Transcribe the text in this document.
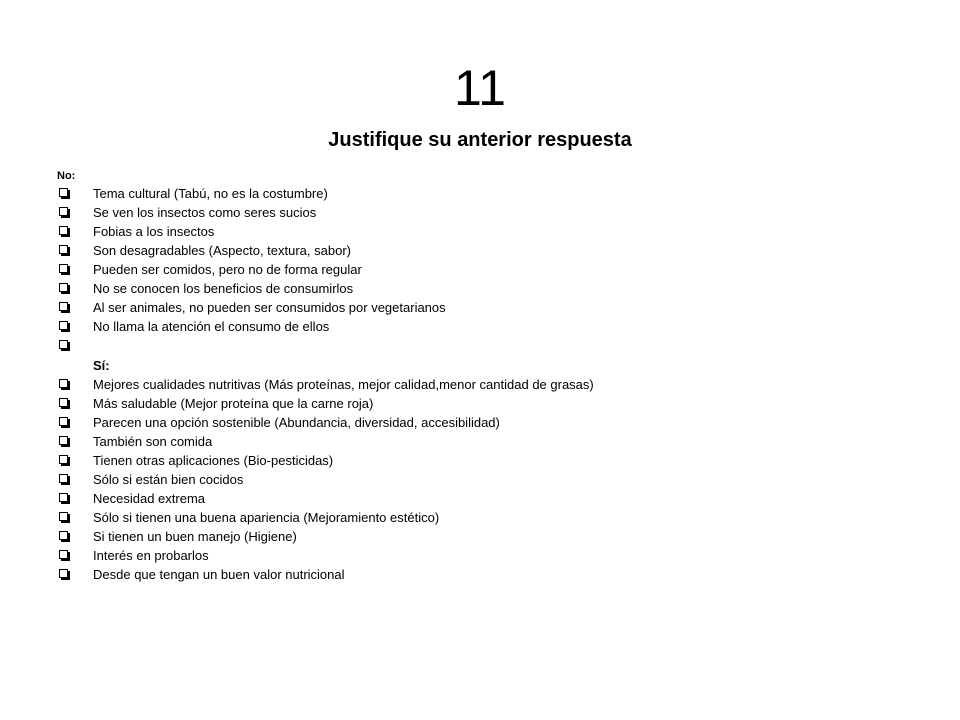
11
Justifique su anterior respuesta
No:
Tema cultural (Tabú, no es la costumbre)
Se ven los insectos como seres sucios
Fobias a los insectos
Son desagradables (Aspecto, textura, sabor)
Pueden ser comidos, pero no de forma regular
No se conocen los beneficios de consumirlos
Al ser animales, no pueden ser consumidos por vegetarianos
No llama la atención el consumo de ellos
Sí:
Mejores cualidades nutritivas (Más proteínas, mejor calidad,menor cantidad de grasas)
Más saludable (Mejor proteína que la carne roja)
Parecen una opción sostenible (Abundancia, diversidad, accesibilidad)
También son comida
Tienen otras aplicaciones (Bio-pesticidas)
Sólo si están bien cocidos
Necesidad extrema
Sólo si tienen una buena apariencia (Mejoramiento estético)
Si tienen un buen manejo (Higiene)
Interés en probarlos
Desde que tengan un buen valor nutricional
